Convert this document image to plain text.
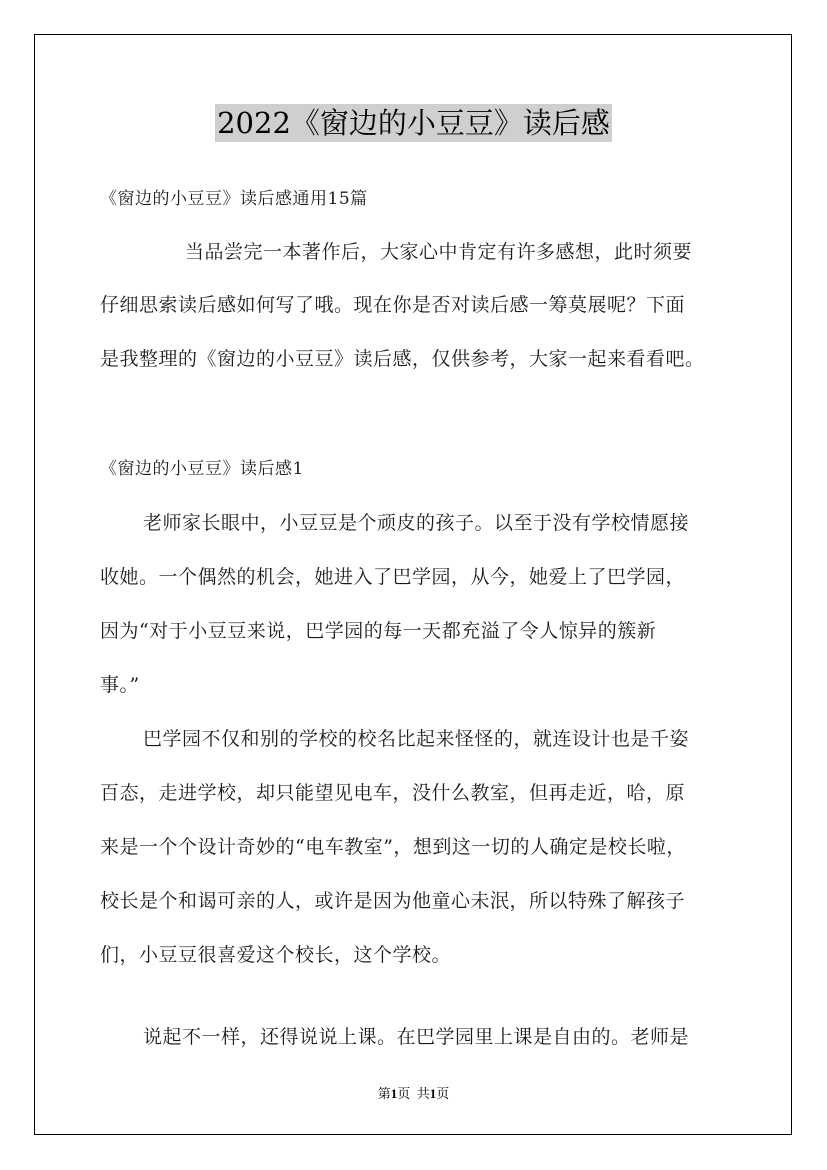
2022《窗边的小豆豆》读后感
《窗边的小豆豆》读后感通用15篇
当品尝完一本著作后，大家心中肯定有许多感想，此时须要
仔细思索读后感如何写了哦。现在你是否对读后感一筹莫展呢？下面
是我整理的《窗边的小豆豆》读后感，仅供参考，大家一起来看看吧。
《窗边的小豆豆》读后感1
老师家长眼中，小豆豆是个顽皮的孩子。以至于没有学校情愿接
收她。一个偶然的机会，她进入了巴学园，从今，她爱上了巴学园，
因为“对于小豆豆来说，巴学园的每一天都充溢了令人惊异的簇新
事。”
巴学园不仅和别的学校的校名比起来怪怪的，就连设计也是千姿
百态，走进学校，却只能望见电车，没什么教室，但再走近，哈，原
来是一个个设计奇妙的“电车教室”，想到这一切的人确定是校长啦，
校长是个和谒可亲的人，或许是因为他童心未泯，所以特殊了解孩子
们，小豆豆很喜爱这个校长，这个学校。
说起不一样，还得说说上课。在巴学园里上课是自由的。老师是
第1页 共1页
